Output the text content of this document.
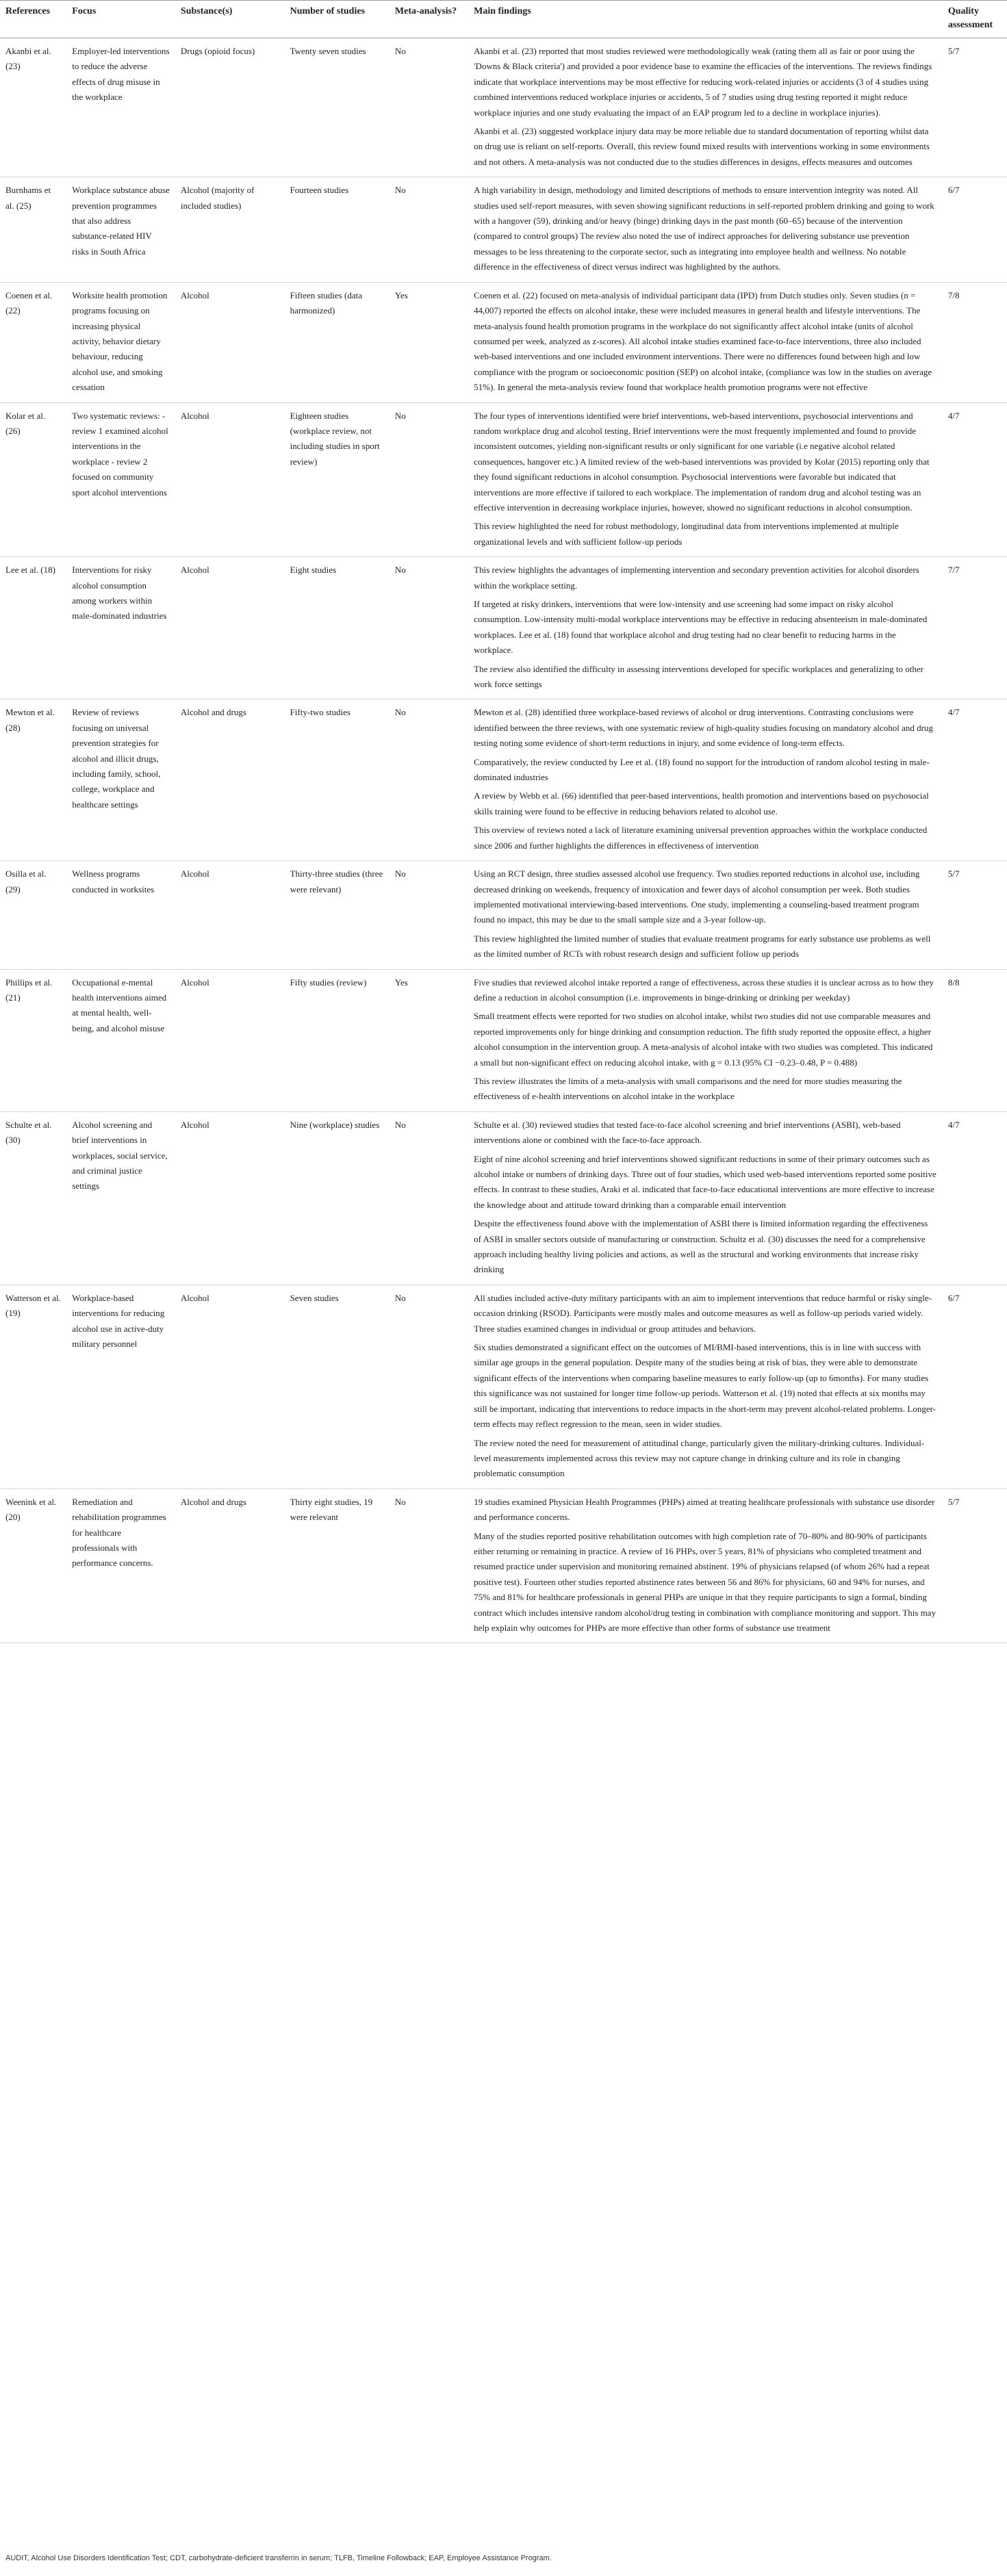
References	Focus	Substance(s)	Number of studies	Meta-analysis?	Main findings	Quality assessment
Akanbi et al. (23)	Employer-led interventions to reduce the adverse effects of drug misuse in the workplace	Drugs (opioid focus)	Twenty seven studies	No	Akanbi et al. (23) reported that most studies reviewed were methodologically weak (rating them all as fair or poor using the 'Downs & Black criteria') and provided a poor evidence base to examine the efficacies of the interventions. The reviews findings indicate that workplace interventions may be most effective for reducing work-related injuries or accidents (3 of 4 studies using combined interventions reduced workplace injuries or accidents, 5 of 7 studies using drug testing reported it might reduce workplace injuries and one study evaluating the impact of an EAP program led to a decline in workplace injuries).

Akanbi et al. (23) suggested workplace injury data may be more reliable due to standard documentation of reporting whilst data on drug use is reliant on self-reports. Overall, this review found mixed results with interventions working in some environments and not others. A meta-analysis was not conducted due to the studies differences in designs, effects measures and outcomes	5/7
Burnhams et al. (25)	Workplace substance abuse prevention programmes that also address substance-related HIV risks in South Africa	Alcohol (majority of included studies)	Fourteen studies	No	A high variability in design, methodology and limited descriptions of methods to ensure intervention integrity was noted. All studies used self-report measures, with seven showing significant reductions in self-reported problem drinking and going to work with a hangover (59), drinking and/or heavy (binge) drinking days in the past month (60–65) because of the intervention (compared to control groups) The review also noted the use of indirect approaches for delivering substance use prevention messages to be less threatening to the corporate sector, such as integrating into employee health and wellness. No notable difference in the effectiveness of direct versus indirect was highlighted by the authors.	6/7
Coenen et al. (22)	Worksite health promotion programs focusing on increasing physical activity, behavior dietary behaviour, reducing alcohol use, and smoking cessation	Alcohol	Fifteen studies (data harmonized)	Yes	Coenen et al. (22) focused on meta-analysis of individual participant data (IPD) from Dutch studies only. Seven studies (n = 44,007) reported the effects on alcohol intake, these were included measures in general health and lifestyle interventions. The meta-analysis found health promotion programs in the workplace do not significantly affect alcohol intake (units of alcohol consumed per week, analyzed as z-scores). All alcohol intake studies examined face-to-face interventions, three also included web-based interventions and one included environment interventions. There were no differences found between high and low compliance with the program or socioeconomic position (SEP) on alcohol intake, (compliance was low in the studies on average 51%). In general the meta-analysis review found that workplace health promotion programs were not effective	7/8
Kolar et al. (26)	Two systematic reviews: - review 1 examined alcohol interventions in the workplace - review 2 focused on community sport alcohol interventions	Alcohol	Eighteen studies (workplace review, not including studies in sport review)	No	The four types of interventions identified were brief interventions, web-based interventions, psychosocial interventions and random workplace drug and alcohol testing. Brief interventions were the most frequently implemented and found to provide inconsistent outcomes, yielding non-significant results or only significant for one variable (i.e negative alcohol related consequences, hangover etc.) A limited review of the web-based interventions was provided by Kolar (2015) reporting only that they found significant reductions in alcohol consumption. Psychosocial interventions were favorable but indicated that interventions are more effective if tailored to each workplace. The implementation of random drug and alcohol testing was an effective intervention in decreasing workplace injuries, however, showed no significant reductions in alcohol consumption.

This review highlighted the need for robust methodology, longitudinal data from interventions implemented at multiple organizational levels and with sufficient follow-up periods	4/7
Lee et al. (18)	Interventions for risky alcohol consumption among workers within male-dominated industries	Alcohol	Eight studies	No	This review highlights the advantages of implementing intervention and secondary prevention activities for alcohol disorders within the workplace setting.

If targeted at risky drinkers, interventions that were low-intensity and use screening had some impact on risky alcohol consumption. Low-intensity multi-modal workplace interventions may be effective in reducing absenteeism in male-dominated workplaces. Lee et al. (18) found that workplace alcohol and drug testing had no clear benefit to reducing harms in the workplace.

The review also identified the difficulty in assessing interventions developed for specific workplaces and generalizing to other work force settings	7/7
Mewton et al. (28)	Review of reviews focusing on universal prevention strategies for alcohol and illicit drugs, including family, school, college, workplace and healthcare settings	Alcohol and drugs	Fifty-two studies	No	Mewton et al. (28) identified three workplace-based reviews of alcohol or drug interventions. Contrasting conclusions were identified between the three reviews, with one systematic review of high-quality studies focusing on mandatory alcohol and drug testing noting some evidence of short-term reductions in injury, and some evidence of long-term effects.

Comparatively, the review conducted by Lee et al. (18) found no support for the introduction of random alcohol testing in male-dominated industries

A review by Webb et al. (66) identified that peer-based interventions, health promotion and interventions based on psychosocial skills training were found to be effective in reducing behaviors related to alcohol use.

This overview of reviews noted a lack of literature examining universal prevention approaches within the workplace conducted since 2006 and further highlights the differences in effectiveness of intervention	4/7
Osilla et al. (29)	Wellness programs conducted in worksites	Alcohol	Thirty-three studies (three were relevant)	No	Using an RCT design, three studies assessed alcohol use frequency. Two studies reported reductions in alcohol use, including decreased drinking on weekends, frequency of intoxication and fewer days of alcohol consumption per week. Both studies implemented motivational interviewing-based interventions. One study, implementing a counseling-based treatment program found no impact, this may be due to the small sample size and a 3-year follow-up.

This review highlighted the limited number of studies that evaluate treatment programs for early substance use problems as well as the limited number of RCTs with robust research design and sufficient follow up periods	5/7
Phillips et al. (21)	Occupational e-mental health interventions aimed at mental health, well-being, and alcohol misuse	Alcohol	Fifty studies (review)	Yes	Five studies that reviewed alcohol intake reported a range of effectiveness, across these studies it is unclear across as to how they define a reduction in alcohol consumption (i.e. improvements in binge-drinking or drinking per weekday)

Small treatment effects were reported for two studies on alcohol intake, whilst two studies did not use comparable measures and reported improvements only for binge drinking and consumption reduction. The fifth study reported the opposite effect, a higher alcohol consumption in the intervention group. A meta-analysis of alcohol intake with two studies was completed. This indicated a small but non-significant effect on reducing alcohol intake, with g = 0.13 (95% CI −0.23–0.48, P = 0.488)

This review illustrates the limits of a meta-analysis with small comparisons and the need for more studies measuring the effectiveness of e-health interventions on alcohol intake in the workplace	8/8
Schulte et al. (30)	Alcohol screening and brief interventions in workplaces, social service, and criminal justice settings	Alcohol	Nine (workplace) studies	No	Schulte et al. (30) reviewed studies that tested face-to-face alcohol screening and brief interventions (ASBI), web-based interventions alone or combined with the face-to-face approach.

Eight of nine alcohol screening and brief interventions showed significant reductions in some of their primary outcomes such as alcohol intake or numbers of drinking days. Three out of four studies, which used web-based interventions reported some positive effects. In contrast to these studies, Araki et al. indicated that face-to-face educational interventions are more effective to increase the knowledge about and attitude toward drinking than a comparable email intervention

Despite the effectiveness found above with the implementation of ASBI there is limited information regarding the effectiveness of ASBI in smaller sectors outside of manufacturing or construction. Schultz et al. (30) discusses the need for a comprehensive approach including healthy living policies and actions, as well as the structural and working environments that increase risky drinking	4/7
Watterson et al. (19)	Workplace-based interventions for reducing alcohol use in active-duty military personnel	Alcohol	Seven studies	No	All studies included active-duty military participants with an aim to implement interventions that reduce harmful or risky single-occasion drinking (RSOD). Participants were mostly males and outcome measures as well as follow-up periods varied widely. Three studies examined changes in individual or group attitudes and behaviors.

Six studies demonstrated a significant effect on the outcomes of MI/BMI-based interventions, this is in line with success with similar age groups in the general population. Despite many of the studies being at risk of bias, they were able to demonstrate significant effects of the interventions when comparing baseline measures to early follow-up (up to 6months). For many studies this significance was not sustained for longer time follow-up periods. Watterson et al. (19) noted that effects at six months may still be important, indicating that interventions to reduce impacts in the short-term may prevent alcohol-related problems. Longer-term effects may reflect regression to the mean, seen in wider studies.

The review noted the need for measurement of attitudinal change, particularly given the military-drinking cultures. Individual-level measurements implemented across this review may not capture change in drinking culture and its role in changing problematic consumption	6/7
Weenink et al. (20)	Remediation and rehabilitation programmes for healthcare professionals with performance concerns.	Alcohol and drugs	Thirty eight studies, 19 were relevant	No	19 studies examined Physician Health Programmes (PHPs) aimed at treating healthcare professionals with substance use disorder and performance concerns.

Many of the studies reported positive rehabilitation outcomes with high completion rate of 70–80% and 80-90% of participants either returning or remaining in practice. A review of 16 PHPs, over 5 years, 81% of physicians who completed treatment and resumed practice under supervision and monitoring remained abstinent. 19% of physicians relapsed (of whom 26% had a repeat positive test). Fourteen other studies reported abstinence rates between 56 and 86% for physicians, 60 and 94% for nurses, and 75% and 81% for healthcare professionals in general PHPs are unique in that they require participants to sign a formal, binding contract which includes intensive random alcohol/drug testing in combination with compliance monitoring and support. This may help explain why outcomes for PHPs are more effective than other forms of substance use treatment	5/7
AUDIT, Alcohol Use Disorders Identification Test; CDT, carbohydrate-deficient transferrin in serum; TLFB, Timeline Followback; EAP, Employee Assistance Program.
